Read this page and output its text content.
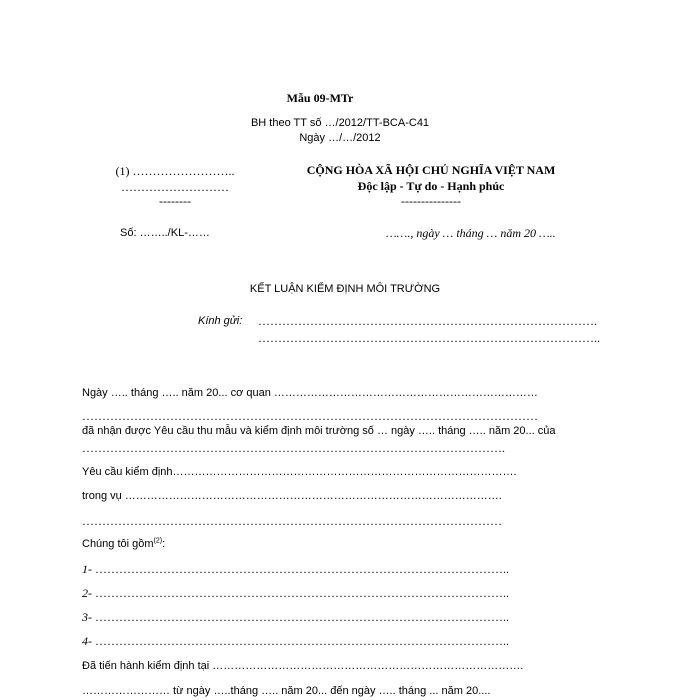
Mẫu 09-MTr
BH theo TT số …/2012/TT-BCA-C41
Ngày …/…/2012
(1) ……………………..
………………………
--------
Số: ……../KL-……
CỘNG HÒA XÃ HỘI CHỦ NGHĨA VIỆT NAM
Độc lập - Tự do - Hạnh phúc
---------------
……., ngày … tháng … năm 20 …..
KẾT LUẬN KIỂM ĐỊNH MÔI TRƯỜNG
Kính gửi: ………………………………………………………………………….
…………………………………………………………………………..
Ngày ….. tháng ….. năm 20... cơ quan ………………………………………………………………
……………………………………………………………………………………………………
đã nhận được Yêu cầu thu mẫu và kiểm định môi trường số … ngày ….. tháng ….. năm 20... của
…………………………………………………………………………………………….
Yêu cầu kiểm định………………………………………………………………………………….
trong vụ ………………………………………………………………………………………….
……………………………………………………………………………………………
Chúng tôi gồm$^{(2)}$:
1- …………………………………………………………………………………………..
2- …………………………………………………………………………………………..
3- …………………………………………………………………………………………..
4- …………………………………………………………………………………………..
Đã tiến hành kiểm định tại ………………………………………………………………………….
…………………… từ ngày …..tháng ….. năm 20... đến ngày ….. tháng ... năm 20....
